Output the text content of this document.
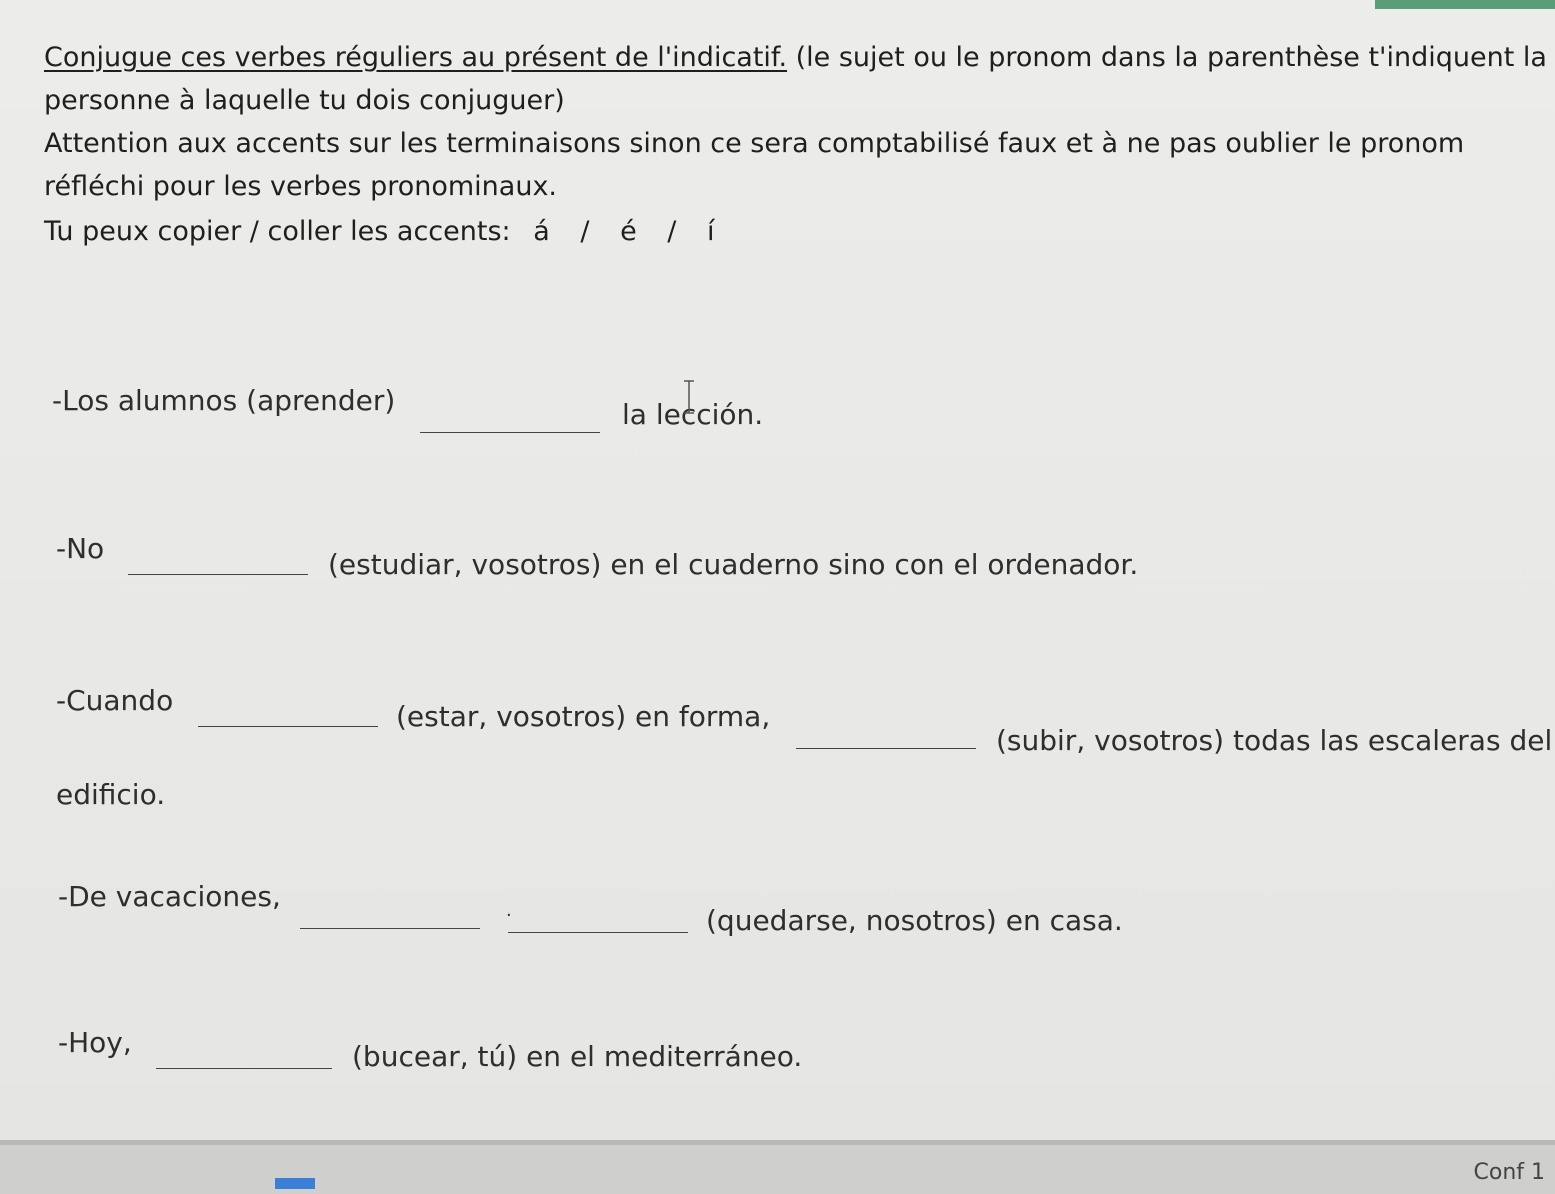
Conjugue ces verbes réguliers au présent de l'indicatif. (le sujet ou le pronom dans la parenthèse t'indiquent la personne à laquelle tu dois conjuguer)

Attention aux accents sur les terminaisons sinon ce sera comptabilisé faux et à ne pas oublier le pronom réfléchi pour les verbes pronominaux.

Tu peux copier / coller les accents: á / é / í

-Los alumnos (aprender)	la lección.
-No	(estudiar, vosotros) en el cuaderno sino con el ordenador.
-Cuando	(estar, vosotros) en forma,
(subir, vosotros) todas las escaleras del
edificio.
-De vacaciones,	.	(quedarse, nosotros) en casa.
-Hoy,	(bucear, tú) en el mediterráneo.
Conf 1
